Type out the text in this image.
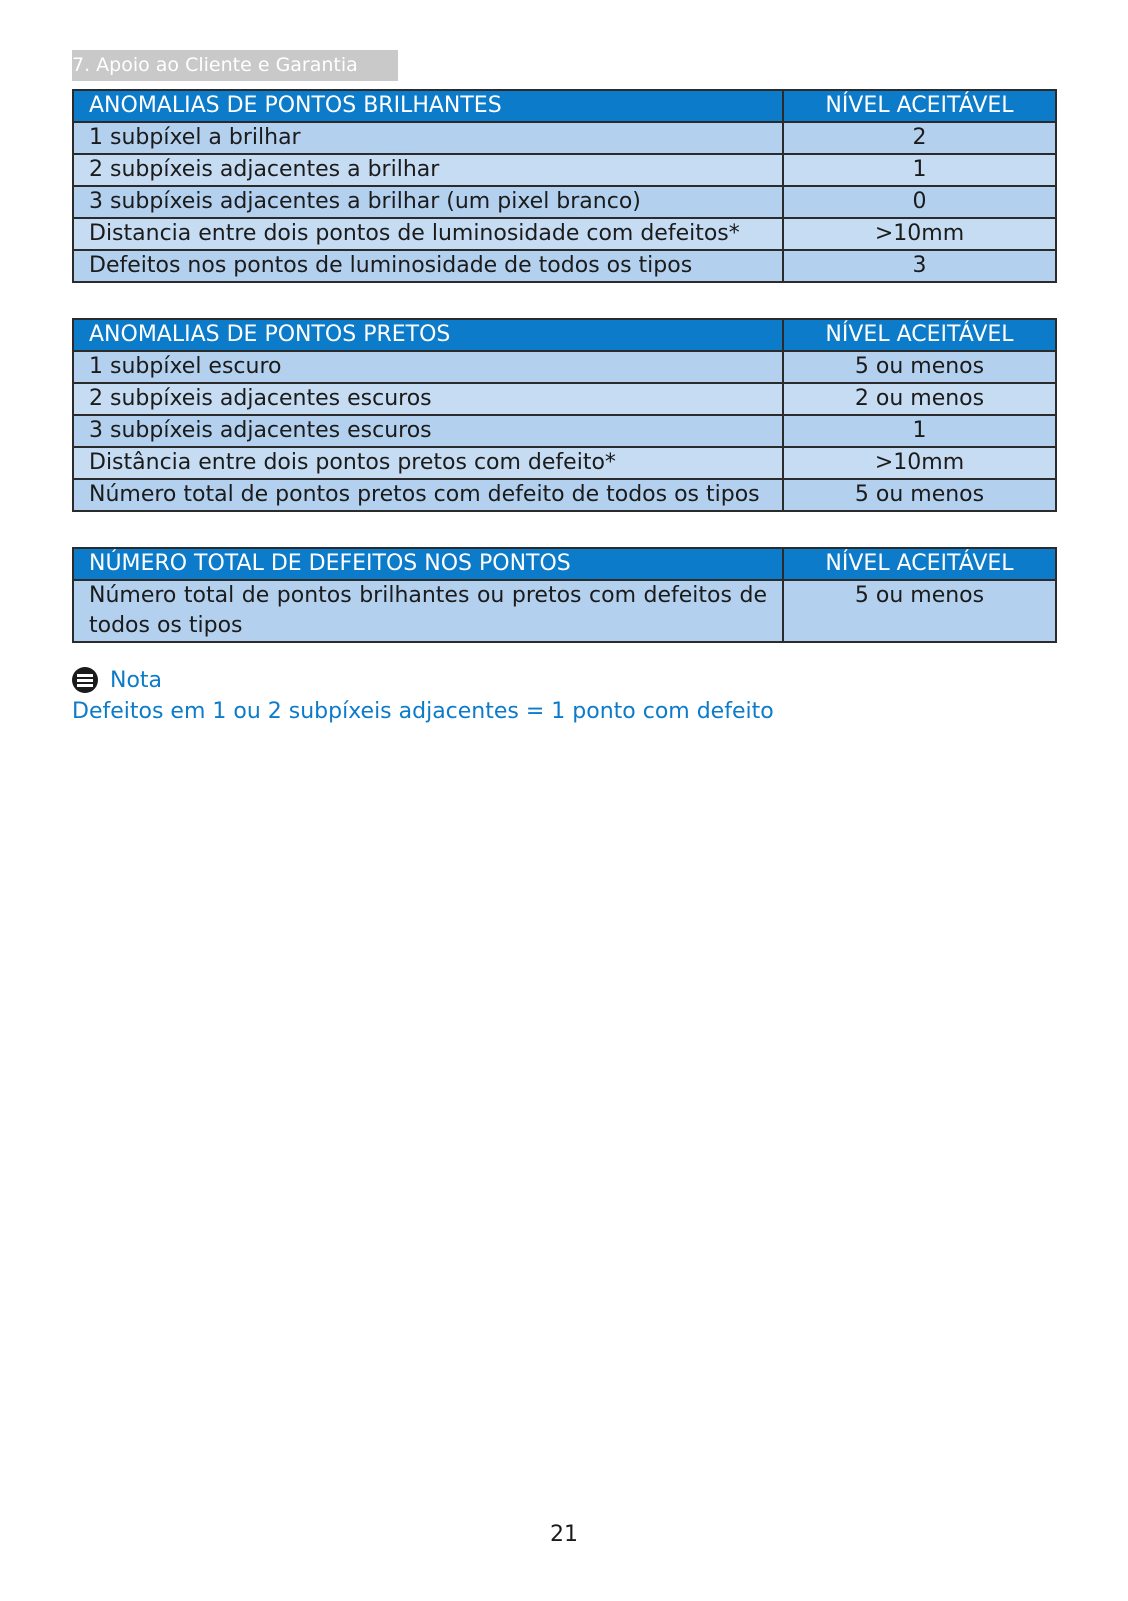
7. Apoio ao Cliente e Garantia
ANOMALIAS DE PONTOS BRILHANTES	NÍVEL ACEITÁVEL
1 subpíxel a brilhar	2
2 subpíxeis adjacentes a brilhar	1
3 subpíxeis adjacentes a brilhar (um pixel branco)	0
Distancia entre dois pontos de luminosidade com defeitos*	>10mm
Defeitos nos pontos de luminosidade de todos os tipos	3
ANOMALIAS DE PONTOS PRETOS	NÍVEL ACEITÁVEL
1 subpíxel escuro	5 ou menos
2 subpíxeis adjacentes escuros	2 ou menos
3 subpíxeis adjacentes escuros	1
Distância entre dois pontos pretos com defeito*	>10mm
Número total de pontos pretos com defeito de todos os tipos	5 ou menos
NÚMERO TOTAL DE DEFEITOS NOS PONTOS	NÍVEL ACEITÁVEL
Número total de pontos brilhantes ou pretos com defeitos de todos os tipos	5 ou menos
Nota
Defeitos em 1 ou 2 subpíxeis adjacentes = 1 ponto com defeito
21
